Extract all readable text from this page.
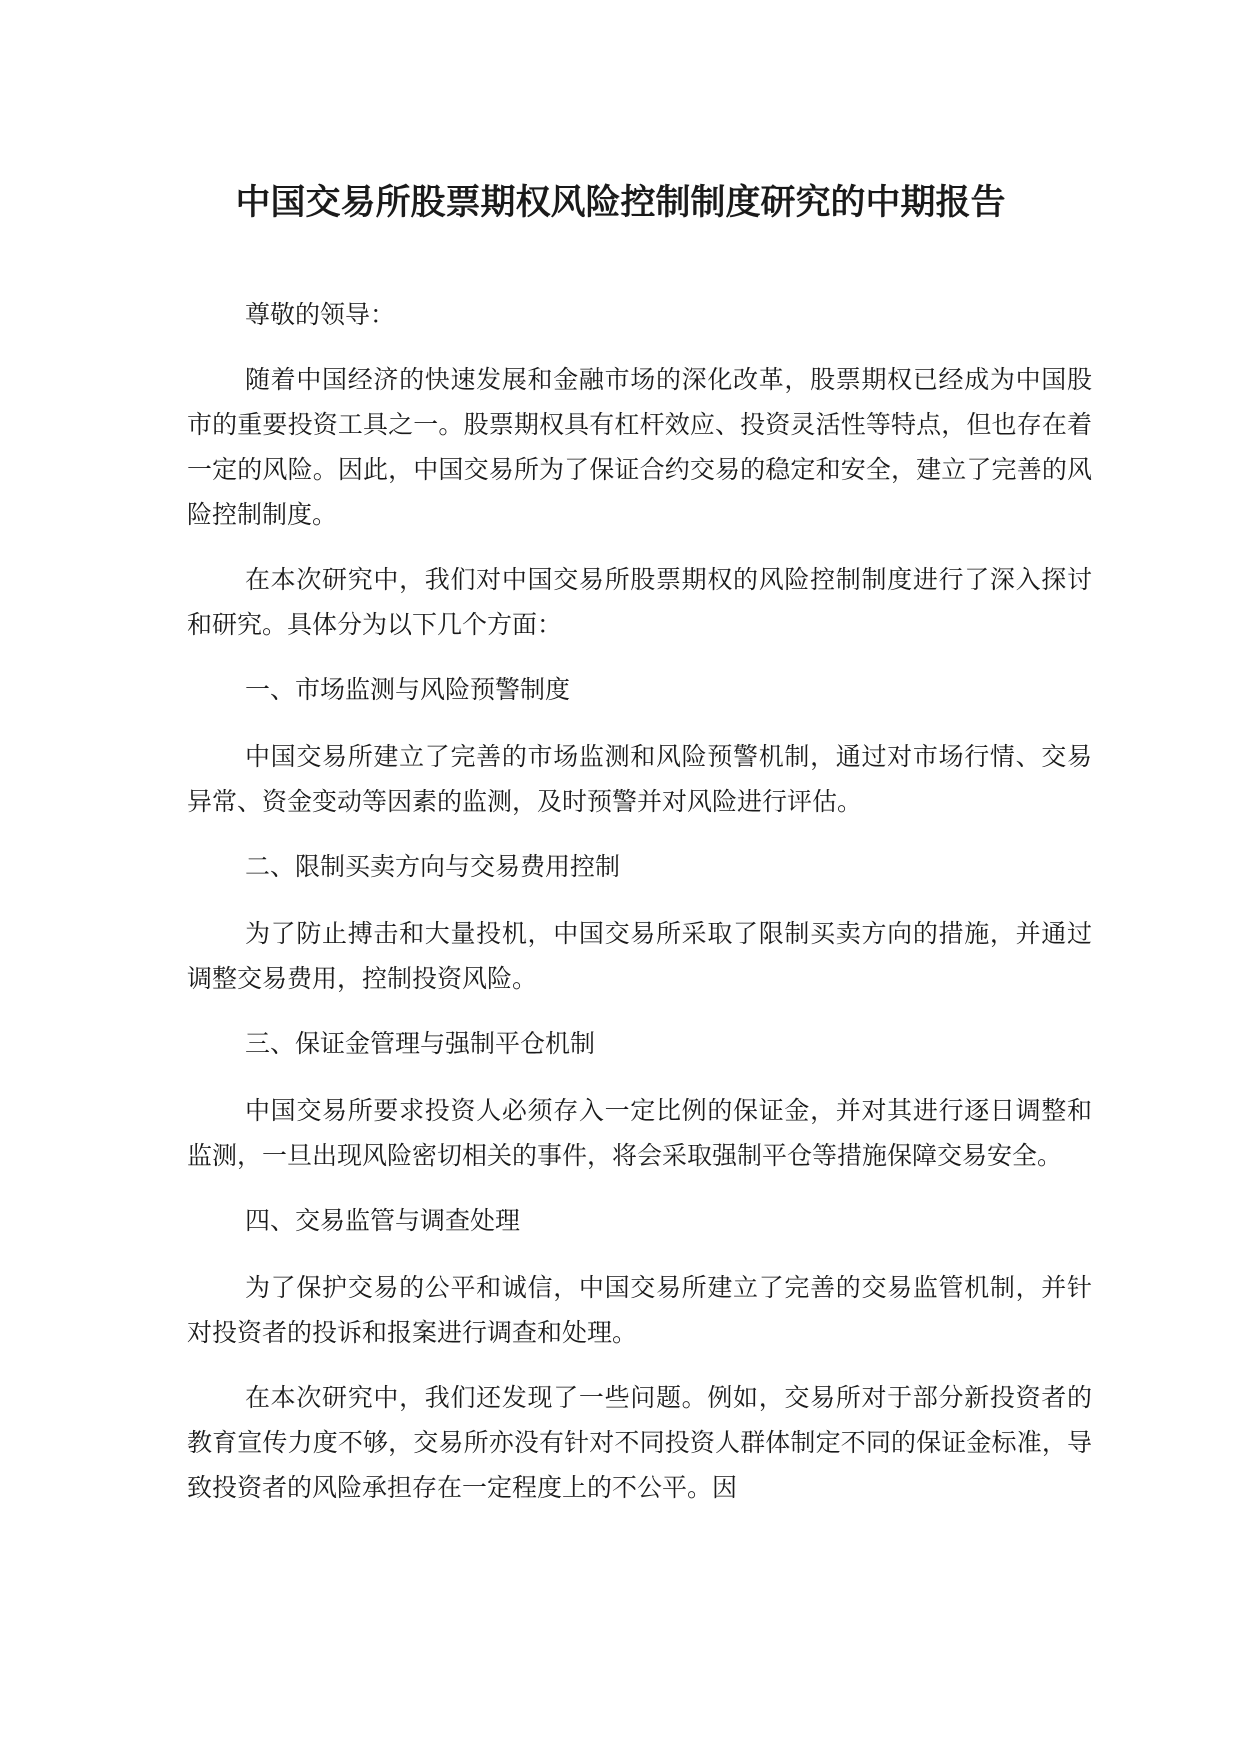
中国交易所股票期权风险控制制度研究的中期报告

尊敬的领导：

随着中国经济的快速发展和金融市场的深化改革，股票期权已经成为中国股市的重要投资工具之一。股票期权具有杠杆效应、投资灵活性等特点，但也存在着一定的风险。因此，中国交易所为了保证合约交易的稳定和安全，建立了完善的风险控制制度。

在本次研究中，我们对中国交易所股票期权的风险控制制度进行了深入探讨和研究。具体分为以下几个方面：

一、市场监测与风险预警制度

中国交易所建立了完善的市场监测和风险预警机制，通过对市场行情、交易异常、资金变动等因素的监测，及时预警并对风险进行评估。

二、限制买卖方向与交易费用控制

为了防止搏击和大量投机，中国交易所采取了限制买卖方向的措施，并通过调整交易费用，控制投资风险。

三、保证金管理与强制平仓机制

中国交易所要求投资人必须存入一定比例的保证金，并对其进行逐日调整和监测，一旦出现风险密切相关的事件，将会采取强制平仓等措施保障交易安全。

四、交易监管与调查处理

为了保护交易的公平和诚信，中国交易所建立了完善的交易监管机制，并针对投资者的投诉和报案进行调查和处理。

在本次研究中，我们还发现了一些问题。例如，交易所对于部分新投资者的教育宣传力度不够，交易所亦没有针对不同投资人群体制定不同的保证金标准，导致投资者的风险承担存在一定程度上的不公平。因
